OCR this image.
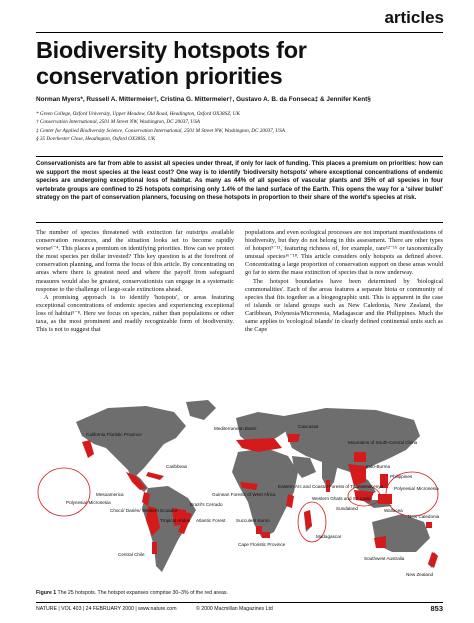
articles
Biodiversity hotspots for
conservation priorities
Norman Myers*, Russell A. Mittermeier†, Cristina G. Mittermeier†, Gustavo A. B. da Fonseca‡ & Jennifer Kent§
* Green College, Oxford University, Upper Meadow, Old Road, Headington, Oxford OX38SZ, UK
† Conservation International, 2501 M Street NW, Washington, DC 20037, USA
‡ Center for Applied Biodiversity Science, Conservation International, 2501 M Street NW, Washington, DC 20037, USA
§ 35 Dorchester Close, Headington, Oxford OX38SS, UK
Conservationists are far from able to assist all species under threat, if only for lack of funding. This places a premium on priorities: how can we support the most species at the least cost? One way is to identify 'biodiversity hotspots' where exceptional concentrations of endemic species are undergoing exceptional loss of habitat. As many as 44% of all species of vascular plants and 35% of all species in four vertebrate groups are confined to 25 hotspots comprising only 1.4% of the land surface of the Earth. This opens the way for a 'silver bullet' strategy on the part of conservation planners, focusing on these hotspots in proportion to their share of the world's species at risk.

The number of species threatened with extinction far outstrips available conservation resources, and the situation looks set to become rapidly worse¹⁻⁴. This places a premium on identifying priorities. How can we protect the most species per dollar invested? This key question is at the forefront of conservation planning, and forms the focus of this article. By concentrating on areas where there is greatest need and where the payoff from safeguard measures would also be greatest, conservationists can engage in a systematic response to the challenge of large-scale extinctions ahead.

A promising approach is to identify 'hotspots', or areas featuring exceptional concentrations of endemic species and experiencing exceptional loss of habitat⁵⁻⁸. Here we focus on species, rather than populations or other taxa, as the most prominent and readily recognizable form of biodiversity. This is not to suggest that

populations and even ecological processes are not important manifestations of biodiversity, but they do not belong in this assessment. There are other types of hotspot⁹⁻¹¹, featuring richness of, for example, rare¹²⁻¹⁵ or taxonomically unusual species¹⁶⁻¹⁸. This article considers only hotspots as defined above. Concentrating a large proportion of conservation support on these areas would go far to stem the mass extinction of species that is now underway.

The hotspot boundaries have been determined by 'biological commonalities'. Each of the areas features a separate biota or community of species that fits together as a biogeographic unit. This is apparent in the case of islands or island groups such as New Caledonia, New Zealand, the Caribbean, Polynesia/Micronesia, Madagascar and the Philippines. Much the same applies to 'ecological islands' in clearly defined continental units such as the Cape

California Floristic Province
Polynesia/ Micronesia
Mesoamerica
Caribbean
Chocó/ Darién/ Western Ecuador
Tropical Andes
Central Chile
Brazil's Cerrado
Atlantic Forest
Guinean Forests of West Africa
Mediterranean Basin	Caucasus
Mountains of South-Central China
Indo-Burma
Philippines
Western Ghats and Sri Lanka
Eastern Arc and Coastal Forests of Tanzania/Kenya
Madagascar
Cape Floristic Province
Succulent Karoo
Sundaland	Wallacea
Southwest Australia
New Caledonia
New Zealand
Polynesia/ Micronesia
Figure 1 The 25 hotspots. The hotspot expanses comprise 30–3% of the red areas.
NATURE | VOL 403 | 24 FEBRUARY 2000 | www.nature.com	© 2000 Macmillan Magazines Ltd	853
